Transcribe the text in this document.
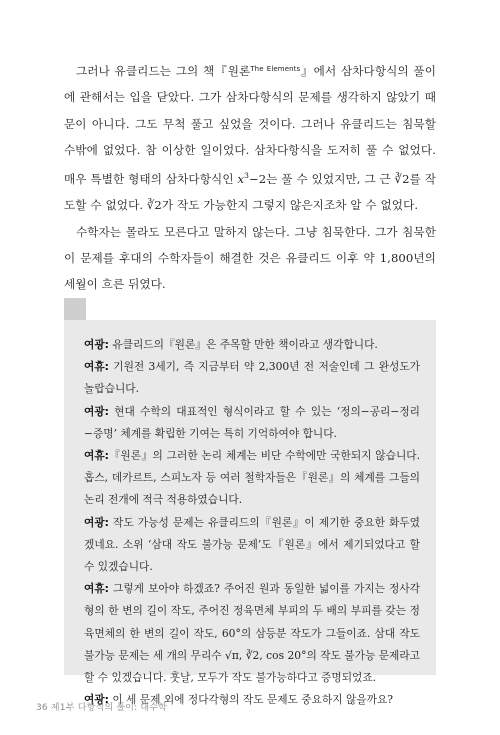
그러나 유클리드는 그의 책『원론$^{The Elements}$』에서 삼차다항식의 풀이에 관해서는 입을 닫았다. 그가 삼차다항식의 문제를 생각하지 않았기 때문이 아니다. 그도 무척 풀고 싶었을 것이다. 그러나 유클리드는 침묵할 수밖에 없었다. 참 이상한 일이었다. 삼차다항식을 도저히 풀 수 없었다. 매우 특별한 형태의 삼차다항식인 $x^3-2$는 풀 수 있었지만, 그 근 ∛2를 작도할 수 없었다. ∛2가 작도 가능한지 그렇지 않은지조차 알 수 없었다.

수학자는 몰라도 모른다고 말하지 않는다. 그냥 침묵한다. 그가 침묵한 이 문제를 후대의 수학자들이 해결한 것은 유클리드 이후 약 1,800년의 세월이 흐른 뒤였다.

여광: 유클리드의『원론』은 주목할 만한 책이라고 생각합니다.

여휴: 기원전 3세기, 즉 지금부터 약 2,300년 전 저술인데 그 완성도가 놀랍습니다.

여광: 현대 수학의 대표적인 형식이라고 할 수 있는 ‘정의−공리−정리−증명’ 체계를 확립한 기여는 특히 기억하여야 합니다.

여휴:『원론』의 그러한 논리 체계는 비단 수학에만 국한되지 않습니다. 홉스, 데카르트, 스피노자 등 여러 철학자들은『원론』의 체계를 그들의 논리 전개에 적극 적용하였습니다.

여광: 작도 가능성 문제는 유클리드의『원론』이 제기한 중요한 화두였겠네요. 소위 ‘삼대 작도 불가능 문제’도『원론』에서 제기되었다고 할 수 있겠습니다.

여휴: 그렇게 보아야 하겠죠? 주어진 원과 동일한 넓이를 가지는 정사각형의 한 변의 길이 작도, 주어진 정육면체 부피의 두 배의 부피를 갖는 정육면체의 한 변의 길이 작도, 60°의 삼등분 작도가 그들이죠. 삼대 작도 불가능 문제는 세 개의 무리수 √π, ∛2, cos 20°의 작도 불가능 문제라고 할 수 있겠습니다. 훗날, 모두가 작도 불가능하다고 증명되었죠.

여광: 이 세 문제 외에 정다각형의 작도 문제도 중요하지 않을까요?

36 제1부 다항식의 풀이: 대수학
